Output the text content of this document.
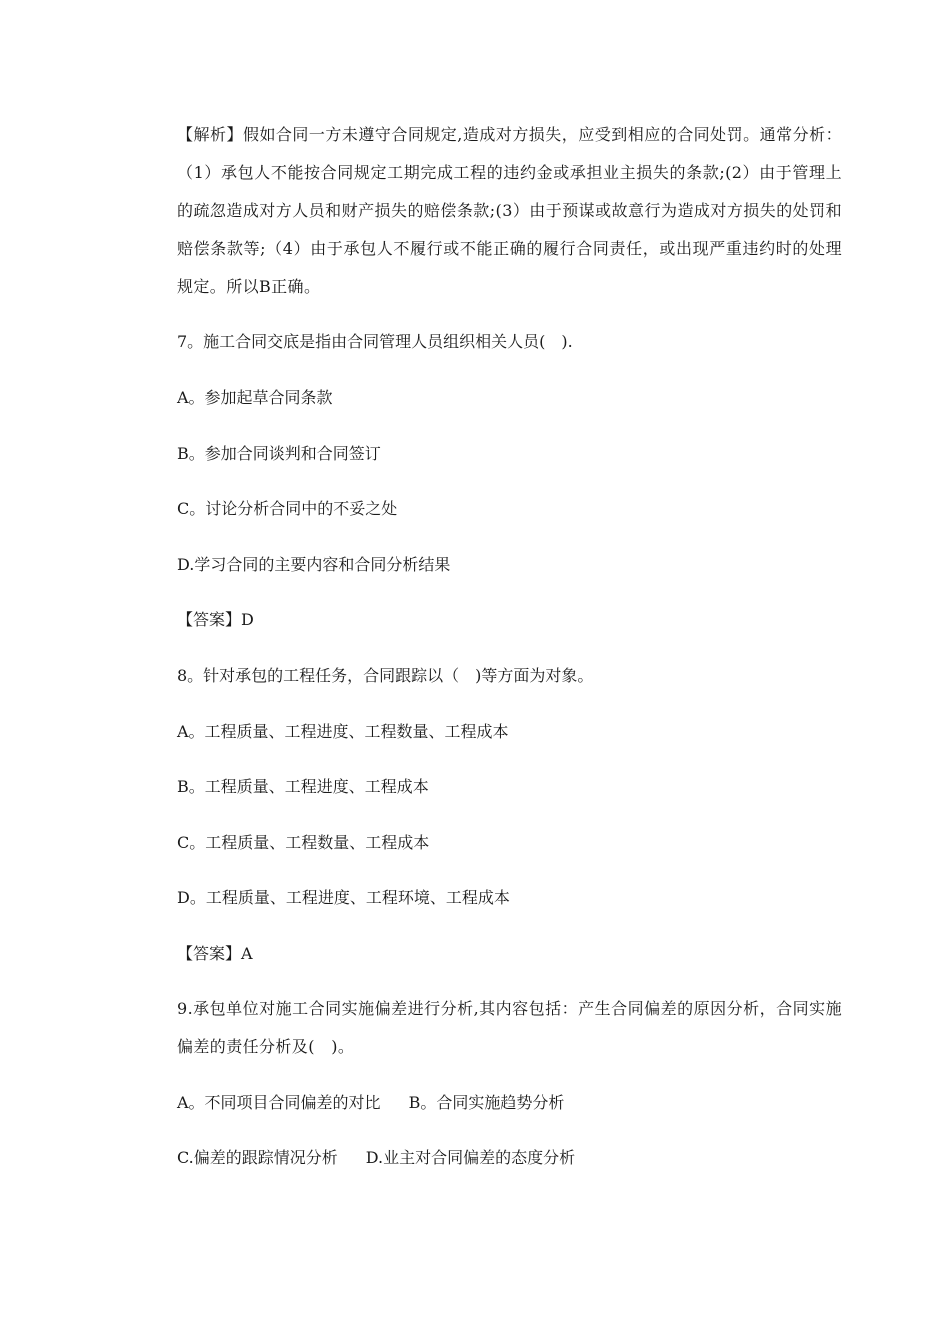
【解析】假如合同一方未遵守合同规定,造成对方损失，应受到相应的合同处罚。通常分析：（1）承包人不能按合同规定工期完成工程的违约金或承担业主损失的条款;(2）由于管理上的疏忽造成对方人员和财产损失的赔偿条款;(3）由于预谋或故意行为造成对方损失的处罚和赔偿条款等;（4）由于承包人不履行或不能正确的履行合同责任，或出现严重违约时的处理规定。所以B正确。
7。施工合同交底是指由合同管理人员组织相关人员(　).
A。参加起草合同条款
B。参加合同谈判和合同签订
C。讨论分析合同中的不妥之处
D.学习合同的主要内容和合同分析结果
【答案】D
8。针对承包的工程任务，合同跟踪以（　)等方面为对象。
A。工程质量、工程进度、工程数量、工程成本
B。工程质量、工程进度、工程成本
C。工程质量、工程数量、工程成本
D。工程质量、工程进度、工程环境、工程成本
【答案】A
9.承包单位对施工合同实施偏差进行分析,其内容包括：产生合同偏差的原因分析，合同实施偏差的责任分析及(　)。
A。不同项目合同偏差的对比 B。合同实施趋势分析
C.偏差的跟踪情况分析 D.业主对合同偏差的态度分析
